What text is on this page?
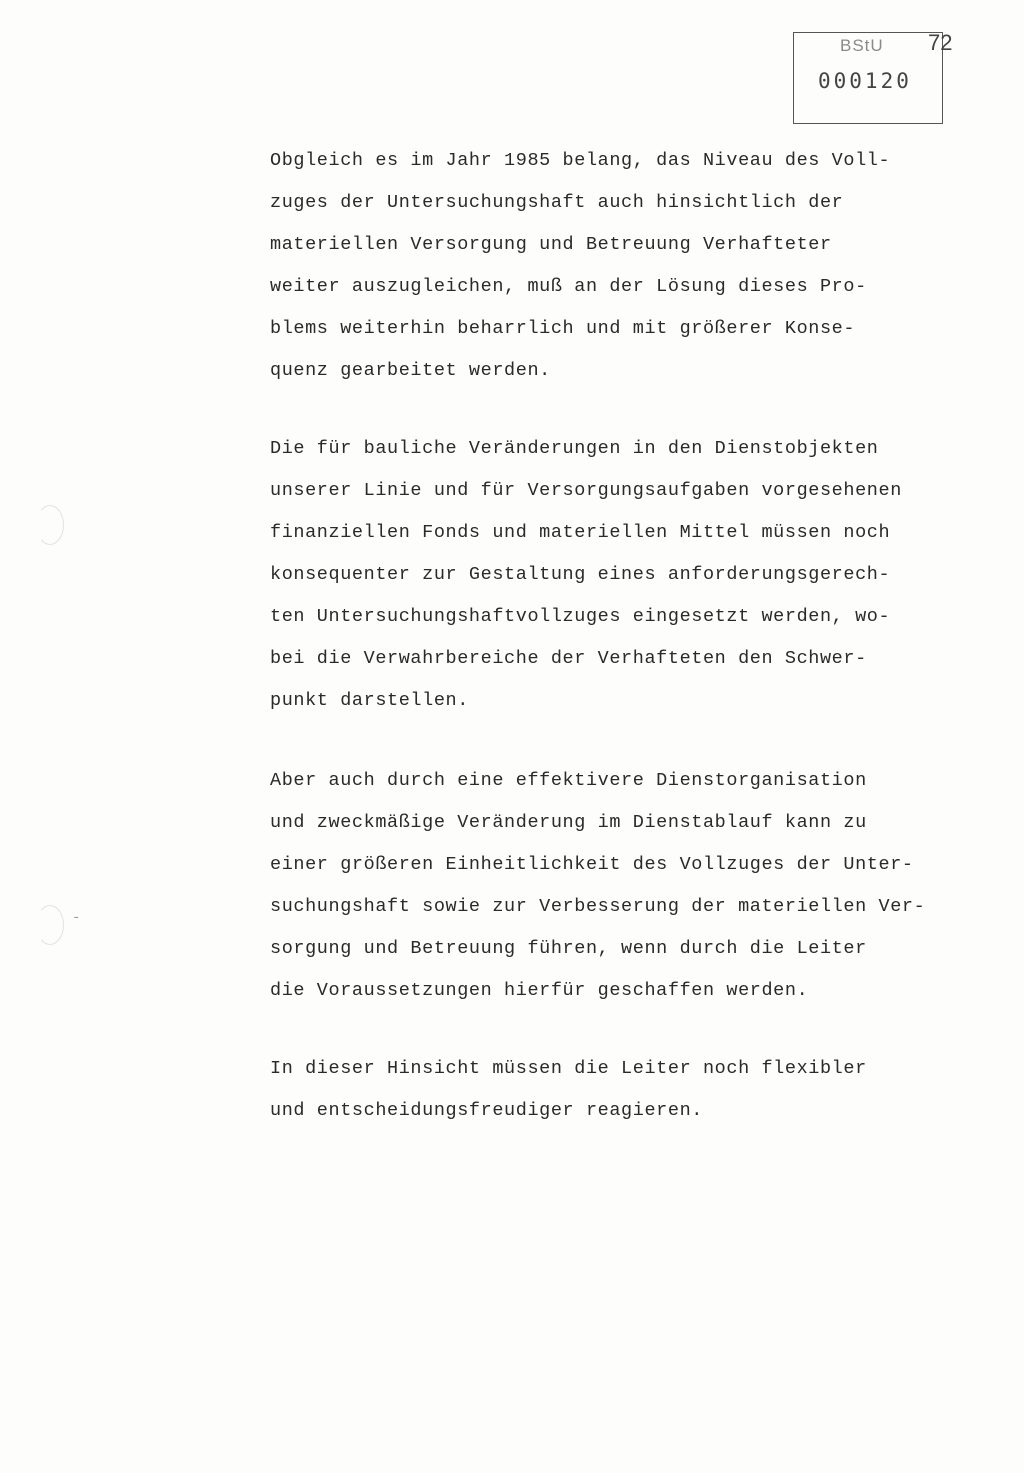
BStU
000120
72
-
Obgleich es im Jahr 1985 belang, das Niveau des Voll-
zuges der Untersuchungshaft auch hinsichtlich der
materiellen Versorgung und Betreuung Verhafteter
weiter auszugleichen, muß an der Lösung dieses Pro-
blems weiterhin beharrlich und mit größerer Konse-
quenz gearbeitet werden.
Die für bauliche Veränderungen in den Dienstobjekten
unserer Linie und für Versorgungsaufgaben vorgesehenen
finanziellen Fonds und materiellen Mittel müssen noch
konsequenter zur Gestaltung eines anforderungsgerech-
ten Untersuchungshaftvollzuges eingesetzt werden, wo-
bei die Verwahrbereiche der Verhafteten den Schwer-
punkt darstellen.
Aber auch durch eine effektivere Dienstorganisation
und zweckmäßige Veränderung im Dienstablauf kann zu
einer größeren Einheitlichkeit des Vollzuges der Unter-
suchungshaft sowie zur Verbesserung der materiellen Ver-
sorgung und Betreuung führen, wenn durch die Leiter
die Voraussetzungen hierfür geschaffen werden.
In dieser Hinsicht müssen die Leiter noch flexibler
und entscheidungsfreudiger reagieren.
